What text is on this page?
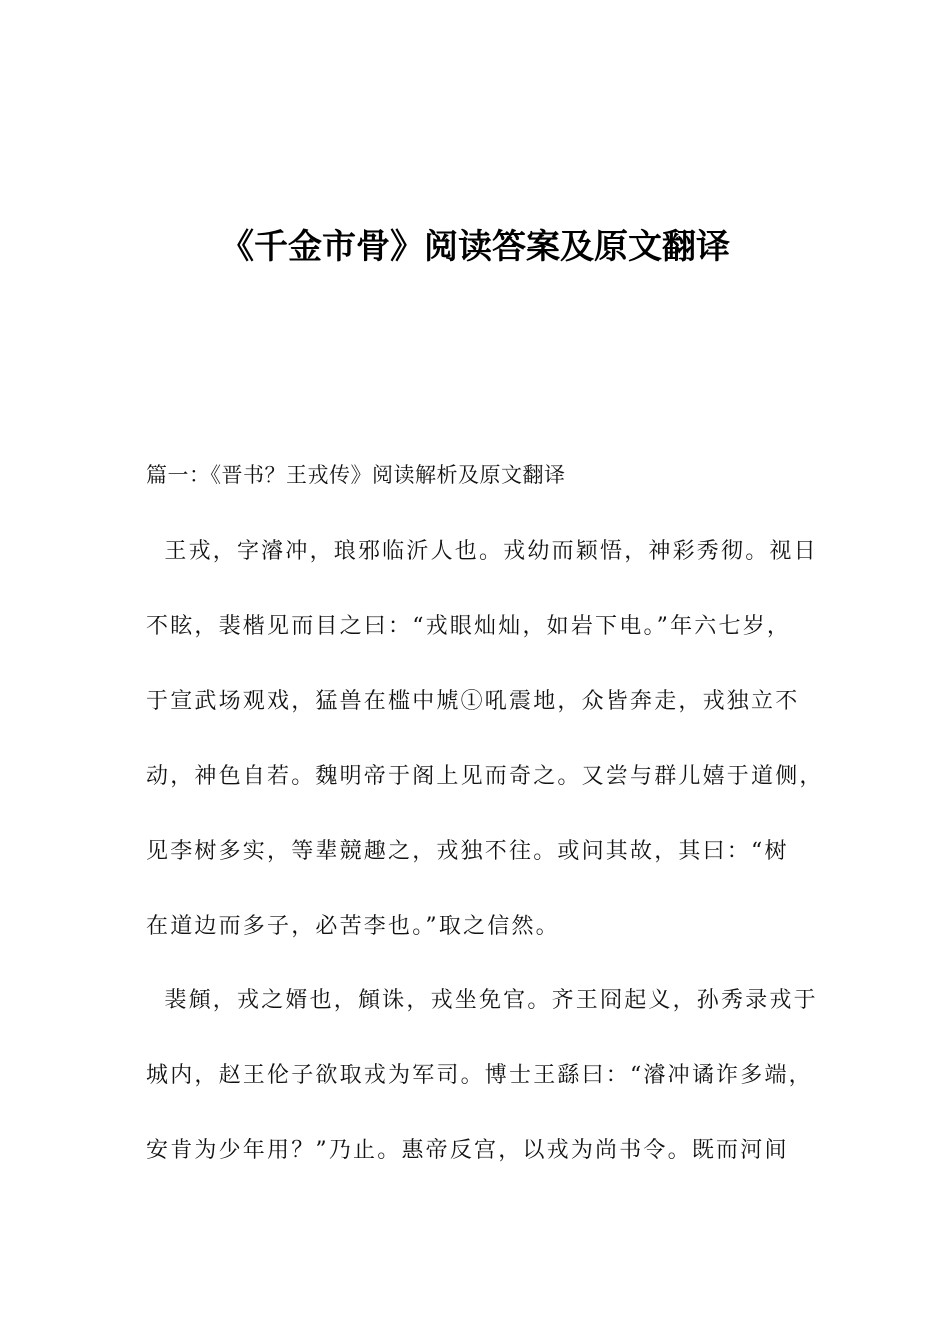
《千金市骨》阅读答案及原文翻译
篇一：《晋书？王戎传》阅读解析及原文翻译
王戎，字濬冲，琅邪临沂人也。戎幼而颖悟，神彩秀彻。视日
不眩，裴楷见而目之曰：“戎眼灿灿，如岩下电。”年六七岁，
于宣武场观戏，猛兽在槛中虓①吼震地，众皆奔走，戎独立不
动，神色自若。魏明帝于阁上见而奇之。又尝与群儿嬉于道侧，
见李树多实，等辈競趣之，戎独不往。或问其故，其曰：“树
在道边而多子，必苦李也。”取之信然。
裴頠，戎之婿也，頠诛，戎坐免官。齐王冏起义，孙秀录戎于
城内，赵王伦子欲取戎为军司。博士王繇曰：“濬冲谲诈多端，
安肯为少年用？”乃止。惠帝反宫，以戎为尚书令。既而河间
